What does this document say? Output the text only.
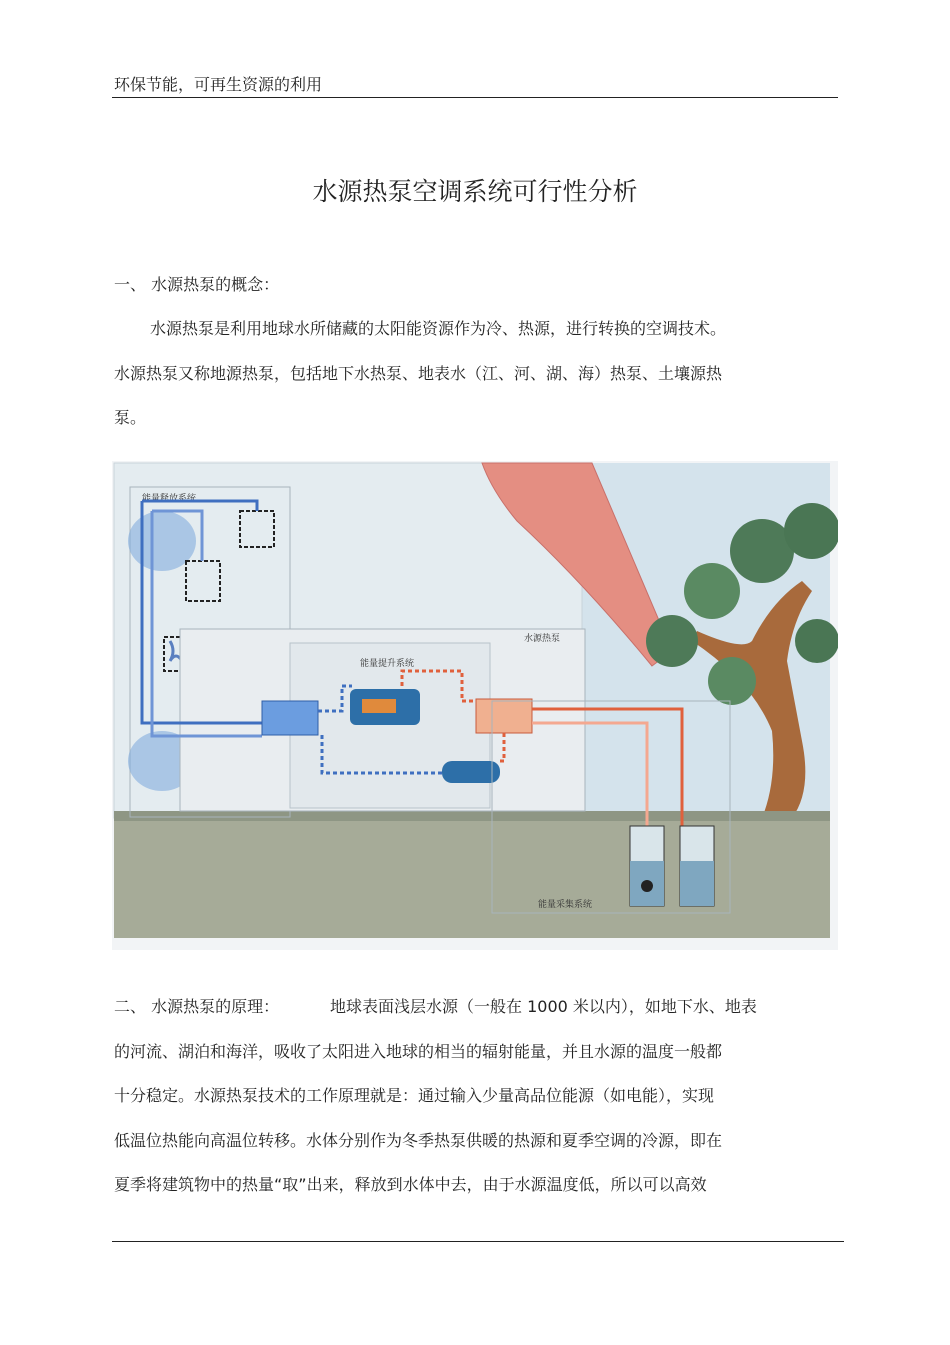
环保节能，可再生资源的利用
水源热泵空调系统可行性分析
一、 水源热泵的概念：
水源热泵是利用地球水所储藏的太阳能资源作为冷、热源，进行转换的空调技术。
水源热泵又称地源热泵，包括地下水热泵、地表水（江、河、湖、海）热泵、土壤源热
泵。
能量释放系统
水源热泵
能量提升系统
能量采集系统
二、 水源热泵的原理：	地球表面浅层水源（一般在 1000 米以内），如地下水、地表
的河流、湖泊和海洋，吸收了太阳进入地球的相当的辐射能量，并且水源的温度一般都
十分稳定。水源热泵技术的工作原理就是：通过输入少量高品位能源（如电能），实现
低温位热能向高温位转移。水体分别作为冬季热泵供暖的热源和夏季空调的冷源，即在
夏季将建筑物中的热量“取”出来，释放到水体中去，由于水源温度低，所以可以高效
